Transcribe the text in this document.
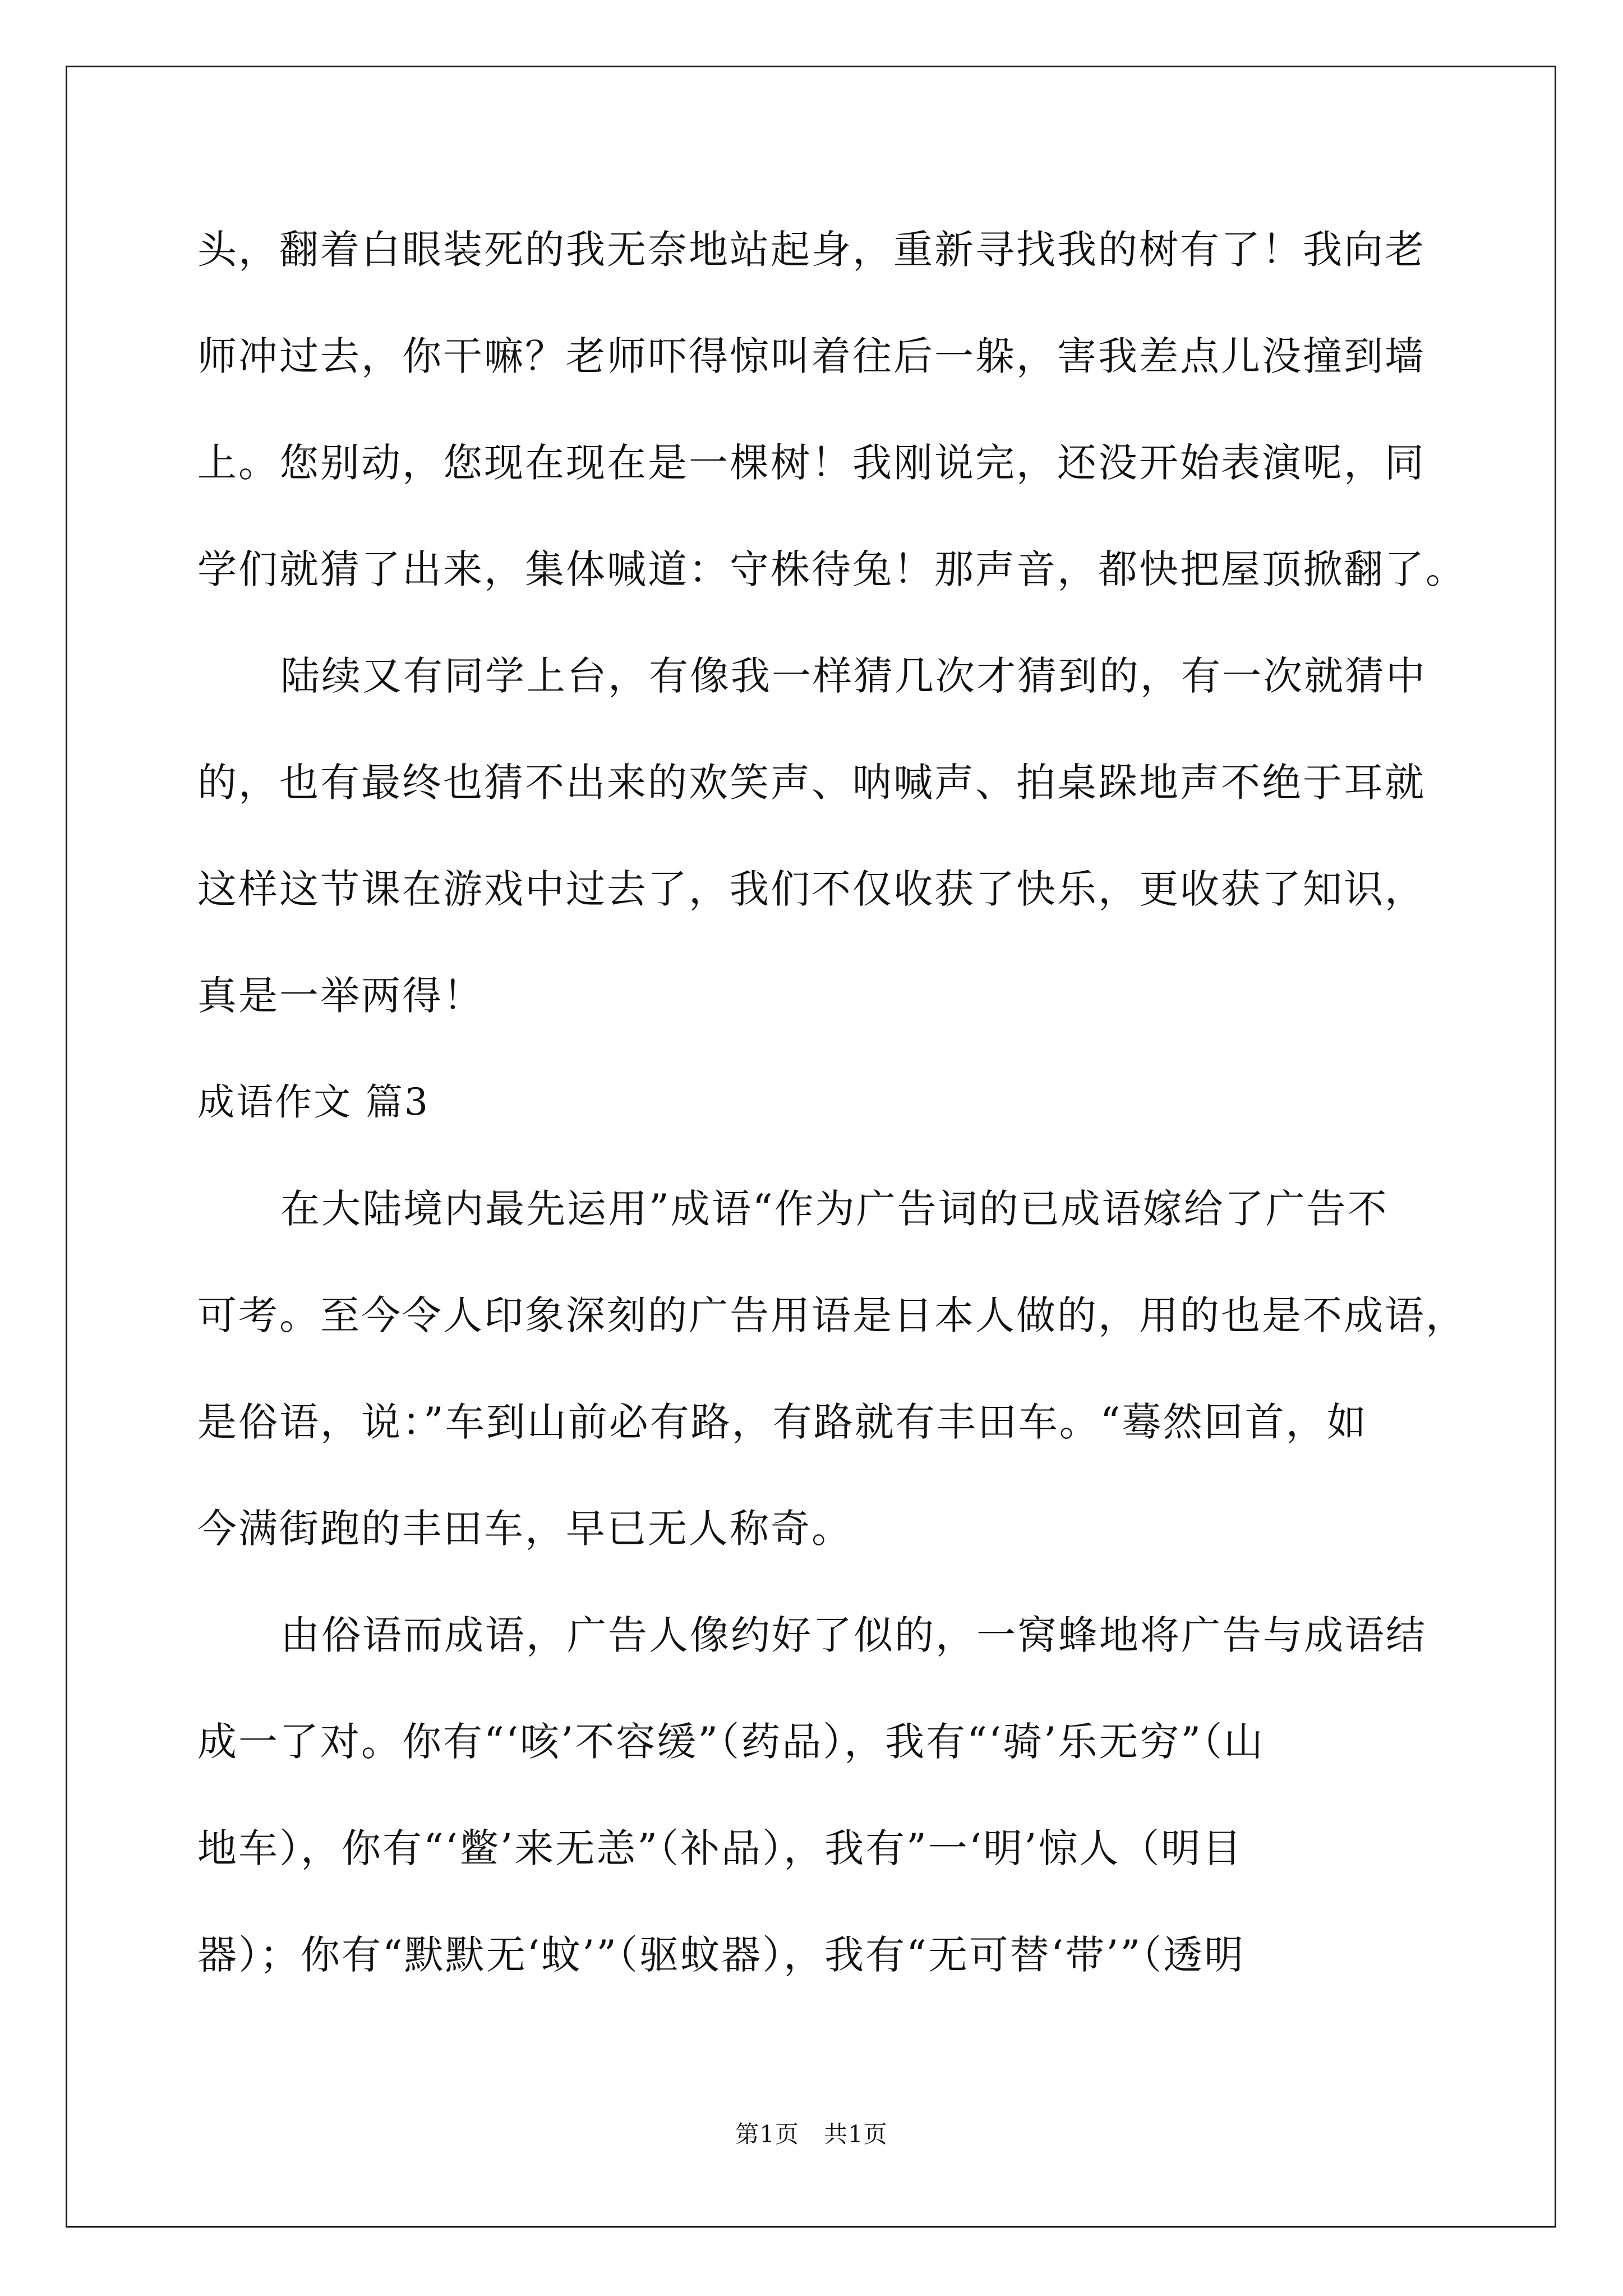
头，翻着白眼装死的我无奈地站起身，重新寻找我的树有了！我向老
师冲过去，你干嘛？老师吓得惊叫着往后一躲，害我差点儿没撞到墙
上。您别动，您现在现在是一棵树！我刚说完，还没开始表演呢，同
学们就猜了出来，集体喊道：守株待兔！那声音，都快把屋顶掀翻了。
陆续又有同学上台，有像我一样猜几次才猜到的，有一次就猜中
的，也有最终也猜不出来的欢笑声、呐喊声、拍桌跺地声不绝于耳就
这样这节课在游戏中过去了，我们不仅收获了快乐，更收获了知识，
真是一举两得！
成语作文 篇3
在大陆境内最先运用”成语“作为广告词的已成语嫁给了广告不
可考。至今令人印象深刻的广告用语是日本人做的，用的也是不成语，
是俗语，说：”车到山前必有路，有路就有丰田车。“蓦然回首，如
今满街跑的丰田车，早已无人称奇。
由俗语而成语，广告人像约好了似的，一窝蜂地将广告与成语结
成一了对。你有“‘咳’不容缓”（药品），我有“‘骑’乐无穷”（山
地车），你有“‘鳖’来无恙”（补品），我有”一‘明’惊人（明目
器）；你有“默默无‘蚊’”（驱蚊器），我有“无可替‘带’”（透明
第1页 共1页
